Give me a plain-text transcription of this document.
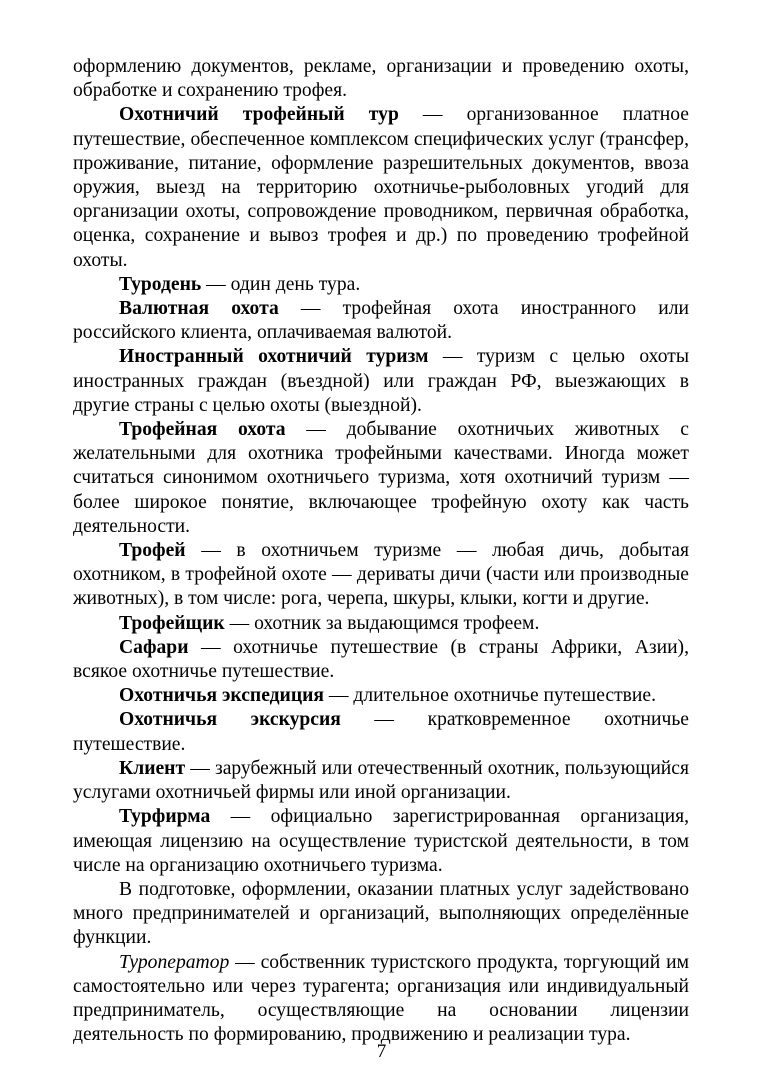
оформлению документов, рекламе, организации и проведению охоты, обработке и сохранению трофея.

Охотничий трофейный тур — организованное платное путешествие, обеспеченное комплексом специфических услуг (трансфер, проживание, питание, оформление разрешительных документов, ввоза оружия, выезд на территорию охотничье-рыболовных угодий для организации охоты, сопровождение проводником, первичная обработка, оценка, сохранение и вывоз трофея и др.) по проведению трофейной охоты.

Туродень — один день тура.

Валютная охота — трофейная охота иностранного или российского клиента, оплачиваемая валютой.

Иностранный охотничий туризм — туризм с целью охоты иностранных граждан (въездной) или граждан РФ, выезжающих в другие страны с целью охоты (выездной).

Трофейная охота — добывание охотничьих животных с желательными для охотника трофейными качествами. Иногда может считаться синонимом охотничьего туризма, хотя охотничий туризм — более широкое понятие, включающее трофейную охоту как часть деятельности.

Трофей — в охотничьем туризме — любая дичь, добытая охотником, в трофейной охоте — дериваты дичи (части или производные животных), в том числе: рога, черепа, шкуры, клыки, когти и другие.

Трофейщик — охотник за выдающимся трофеем.

Сафари — охотничье путешествие (в страны Африки, Азии), всякое охотничье путешествие.

Охотничья экспедиция — длительное охотничье путешествие.

Охотничья экскурсия — кратковременное охотничье путешествие.

Клиент — зарубежный или отечественный охотник, пользующийся услугами охотничьей фирмы или иной организации.

Турфирма — официально зарегистрированная организация, имеющая лицензию на осуществление туристской деятельности, в том числе на организацию охотничьего туризма.

В подготовке, оформлении, оказании платных услуг задействовано много предпринимателей и организаций, выполняющих определённые функции.

Туроператор — собственник туристского продукта, торгующий им самостоятельно или через турагента; организация или индивидуальный предприниматель, осуществляющие на основании лицензии деятельность по формированию, продвижению и реализации тура.

7
